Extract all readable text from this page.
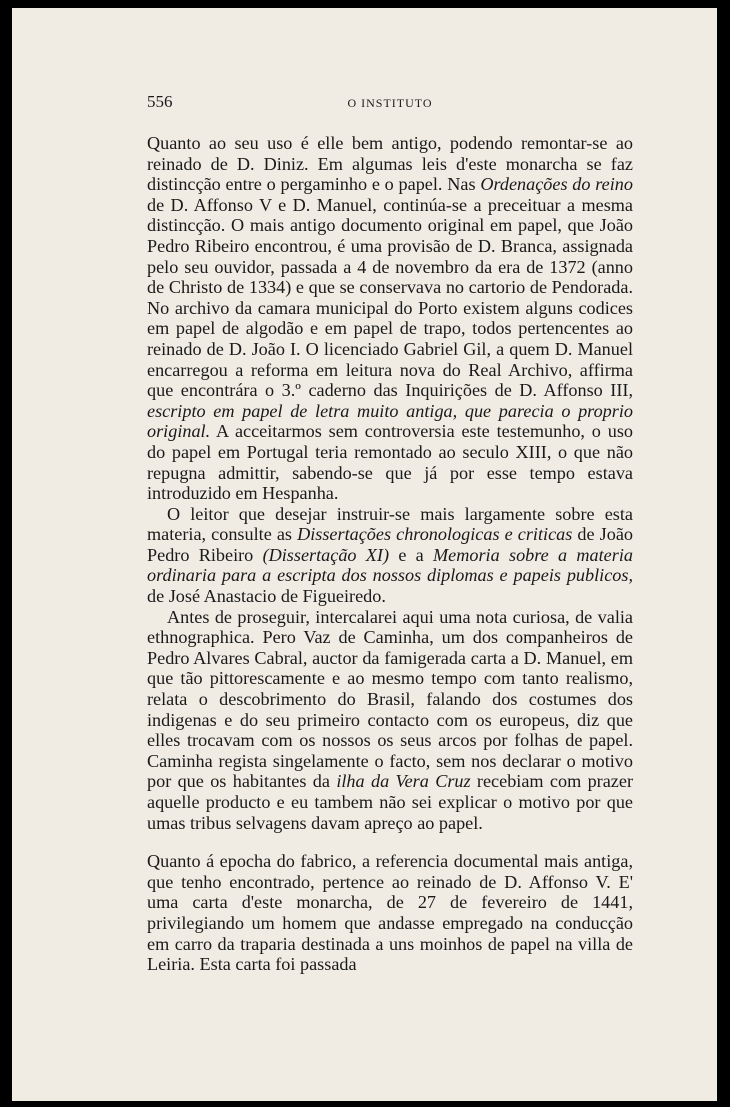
556	O INSTITUTO

Quanto ao seu uso é elle bem antigo, podendo remontar-se ao reinado de D. Diniz. Em algumas leis d'este monarcha se faz distincção entre o pergaminho e o papel. Nas Ordenações do reino de D. Affonso V e D. Manuel, continúa-se a preceituar a mesma distincção. O mais antigo documento original em papel, que João Pedro Ribeiro encontrou, é uma provisão de D. Branca, assignada pelo seu ouvidor, passada a 4 de novembro da era de 1372 (anno de Christo de 1334) e que se conservava no cartorio de Pendorada. No archivo da camara municipal do Porto existem alguns codices em papel de algodão e em papel de trapo, todos pertencentes ao reinado de D. João I. O licenciado Gabriel Gil, a quem D. Manuel encarregou a reforma em leitura nova do Real Archivo, affirma que encontrára o 3.º caderno das Inquirições de D. Affonso III, escripto em papel de letra muito antiga, que parecia o proprio original. A acceitarmos sem controversia este testemunho, o uso do papel em Portugal teria remontado ao seculo XIII, o que não repugna admittir, sabendo-se que já por esse tempo estava introduzido em Hespanha.

O leitor que desejar instruir-se mais largamente sobre esta materia, consulte as Dissertações chronologicas e criticas de João Pedro Ribeiro (Dissertação XI) e a Memoria sobre a materia ordinaria para a escripta dos nossos diplomas e papeis publicos, de José Anastacio de Figueiredo.

Antes de proseguir, intercalarei aqui uma nota curiosa, de valia ethnographica. Pero Vaz de Caminha, um dos companheiros de Pedro Alvares Cabral, auctor da famigerada carta a D. Manuel, em que tão pittorescamente e ao mesmo tempo com tanto realismo, relata o descobrimento do Brasil, falando dos costumes dos indigenas e do seu primeiro contacto com os europeus, diz que elles trocavam com os nossos os seus arcos por folhas de papel. Caminha regista singelamente o facto, sem nos declarar o motivo por que os habitantes da ilha da Vera Cruz recebiam com prazer aquelle producto e eu tambem não sei explicar o motivo por que umas tribus selvagens davam apreço ao papel.

Quanto á epocha do fabrico, a referencia documental mais antiga, que tenho encontrado, pertence ao reinado de D. Affonso V. E' uma carta d'este monarcha, de 27 de fevereiro de 1441, privilegiando um homem que andasse empregado na conducção em carro da traparia destinada a uns moinhos de papel na villa de Leiria. Esta carta foi passada
